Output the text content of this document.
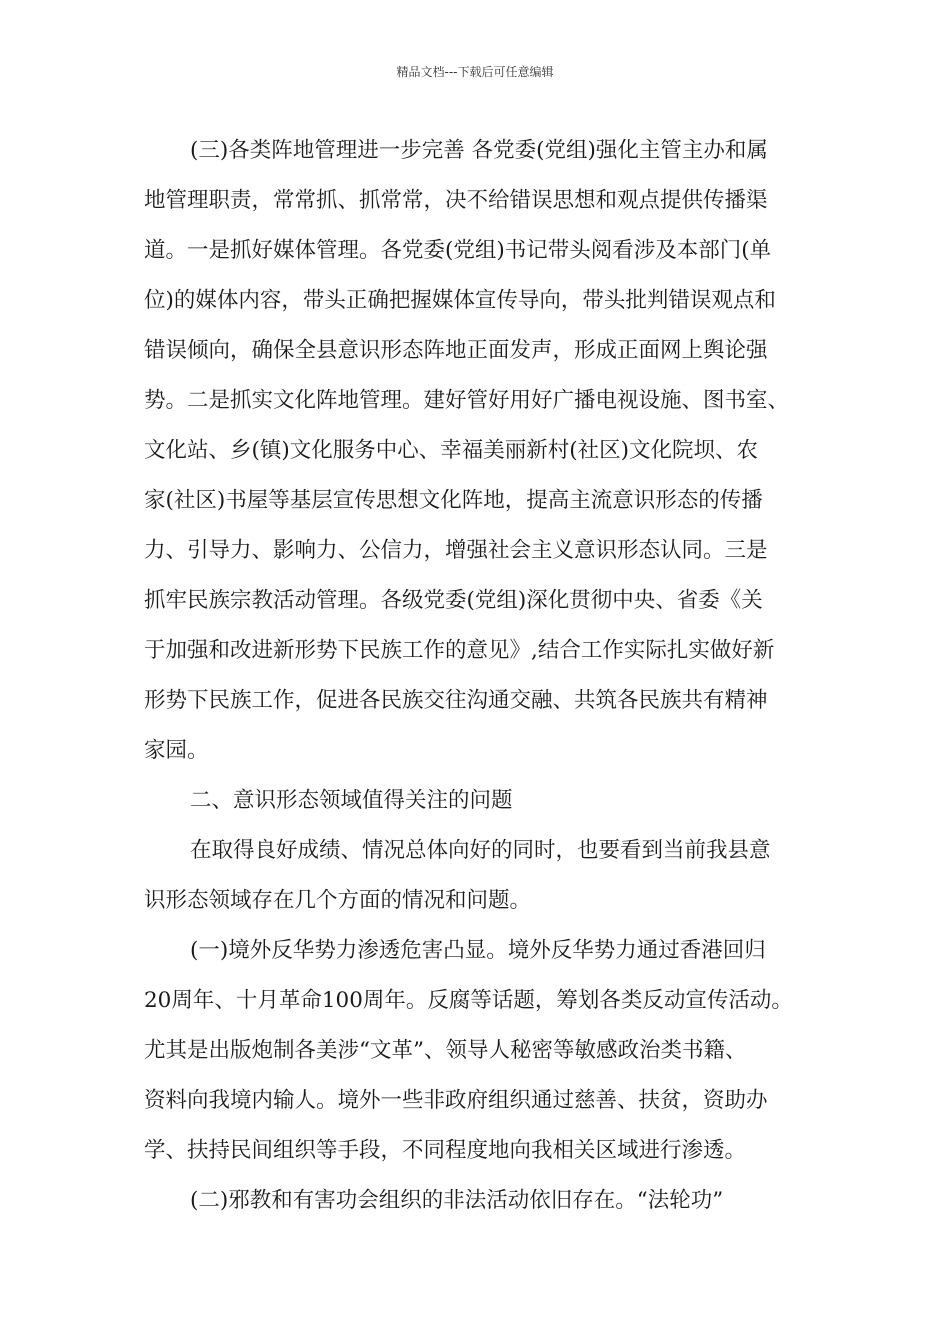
精品文档---下载后可任意编辑
(三)各类阵地管理进一步完善 各党委(党组)强化主管主办和属
地管理职责，常常抓、抓常常，决不给错误思想和观点提供传播渠
道。一是抓好媒体管理。各党委(党组)书记带头阅看涉及本部门(单
位)的媒体内容，带头正确把握媒体宣传导向，带头批判错误观点和
错误倾向，确保全县意识形态阵地正面发声，形成正面网上舆论强
势。二是抓实文化阵地管理。建好管好用好广播电视设施、图书室、
文化站、乡(镇)文化服务中心、幸福美丽新村(社区)文化院坝、农
家(社区)书屋等基层宣传思想文化阵地，提高主流意识形态的传播
力、引导力、影响力、公信力，增强社会主义意识形态认同。三是
抓牢民族宗教活动管理。各级党委(党组)深化贯彻中央、省委《关
于加强和改进新形势下民族工作的意见》,结合工作实际扎实做好新
形势下民族工作，促进各民族交往沟通交融、共筑各民族共有精神
家园。
二、意识形态领域值得关注的问题
在取得良好成绩、情况总体向好的同时，也要看到当前我县意
识形态领域存在几个方面的情况和问题。
(一)境外反华势力渗透危害凸显。境外反华势力通过香港回归
20周年、十月革命100周年。反腐等话题，筹划各类反动宣传活动。
尤其是出版炮制各美涉“文革”、领导人秘密等敏感政治类书籍、
资料向我境内输人。境外一些非政府组织通过慈善、扶贫，资助办
学、扶持民间组织等手段，不同程度地向我相关区域进行渗透。
(二)邪教和有害功会组织的非法活动依旧存在。“法轮功”
